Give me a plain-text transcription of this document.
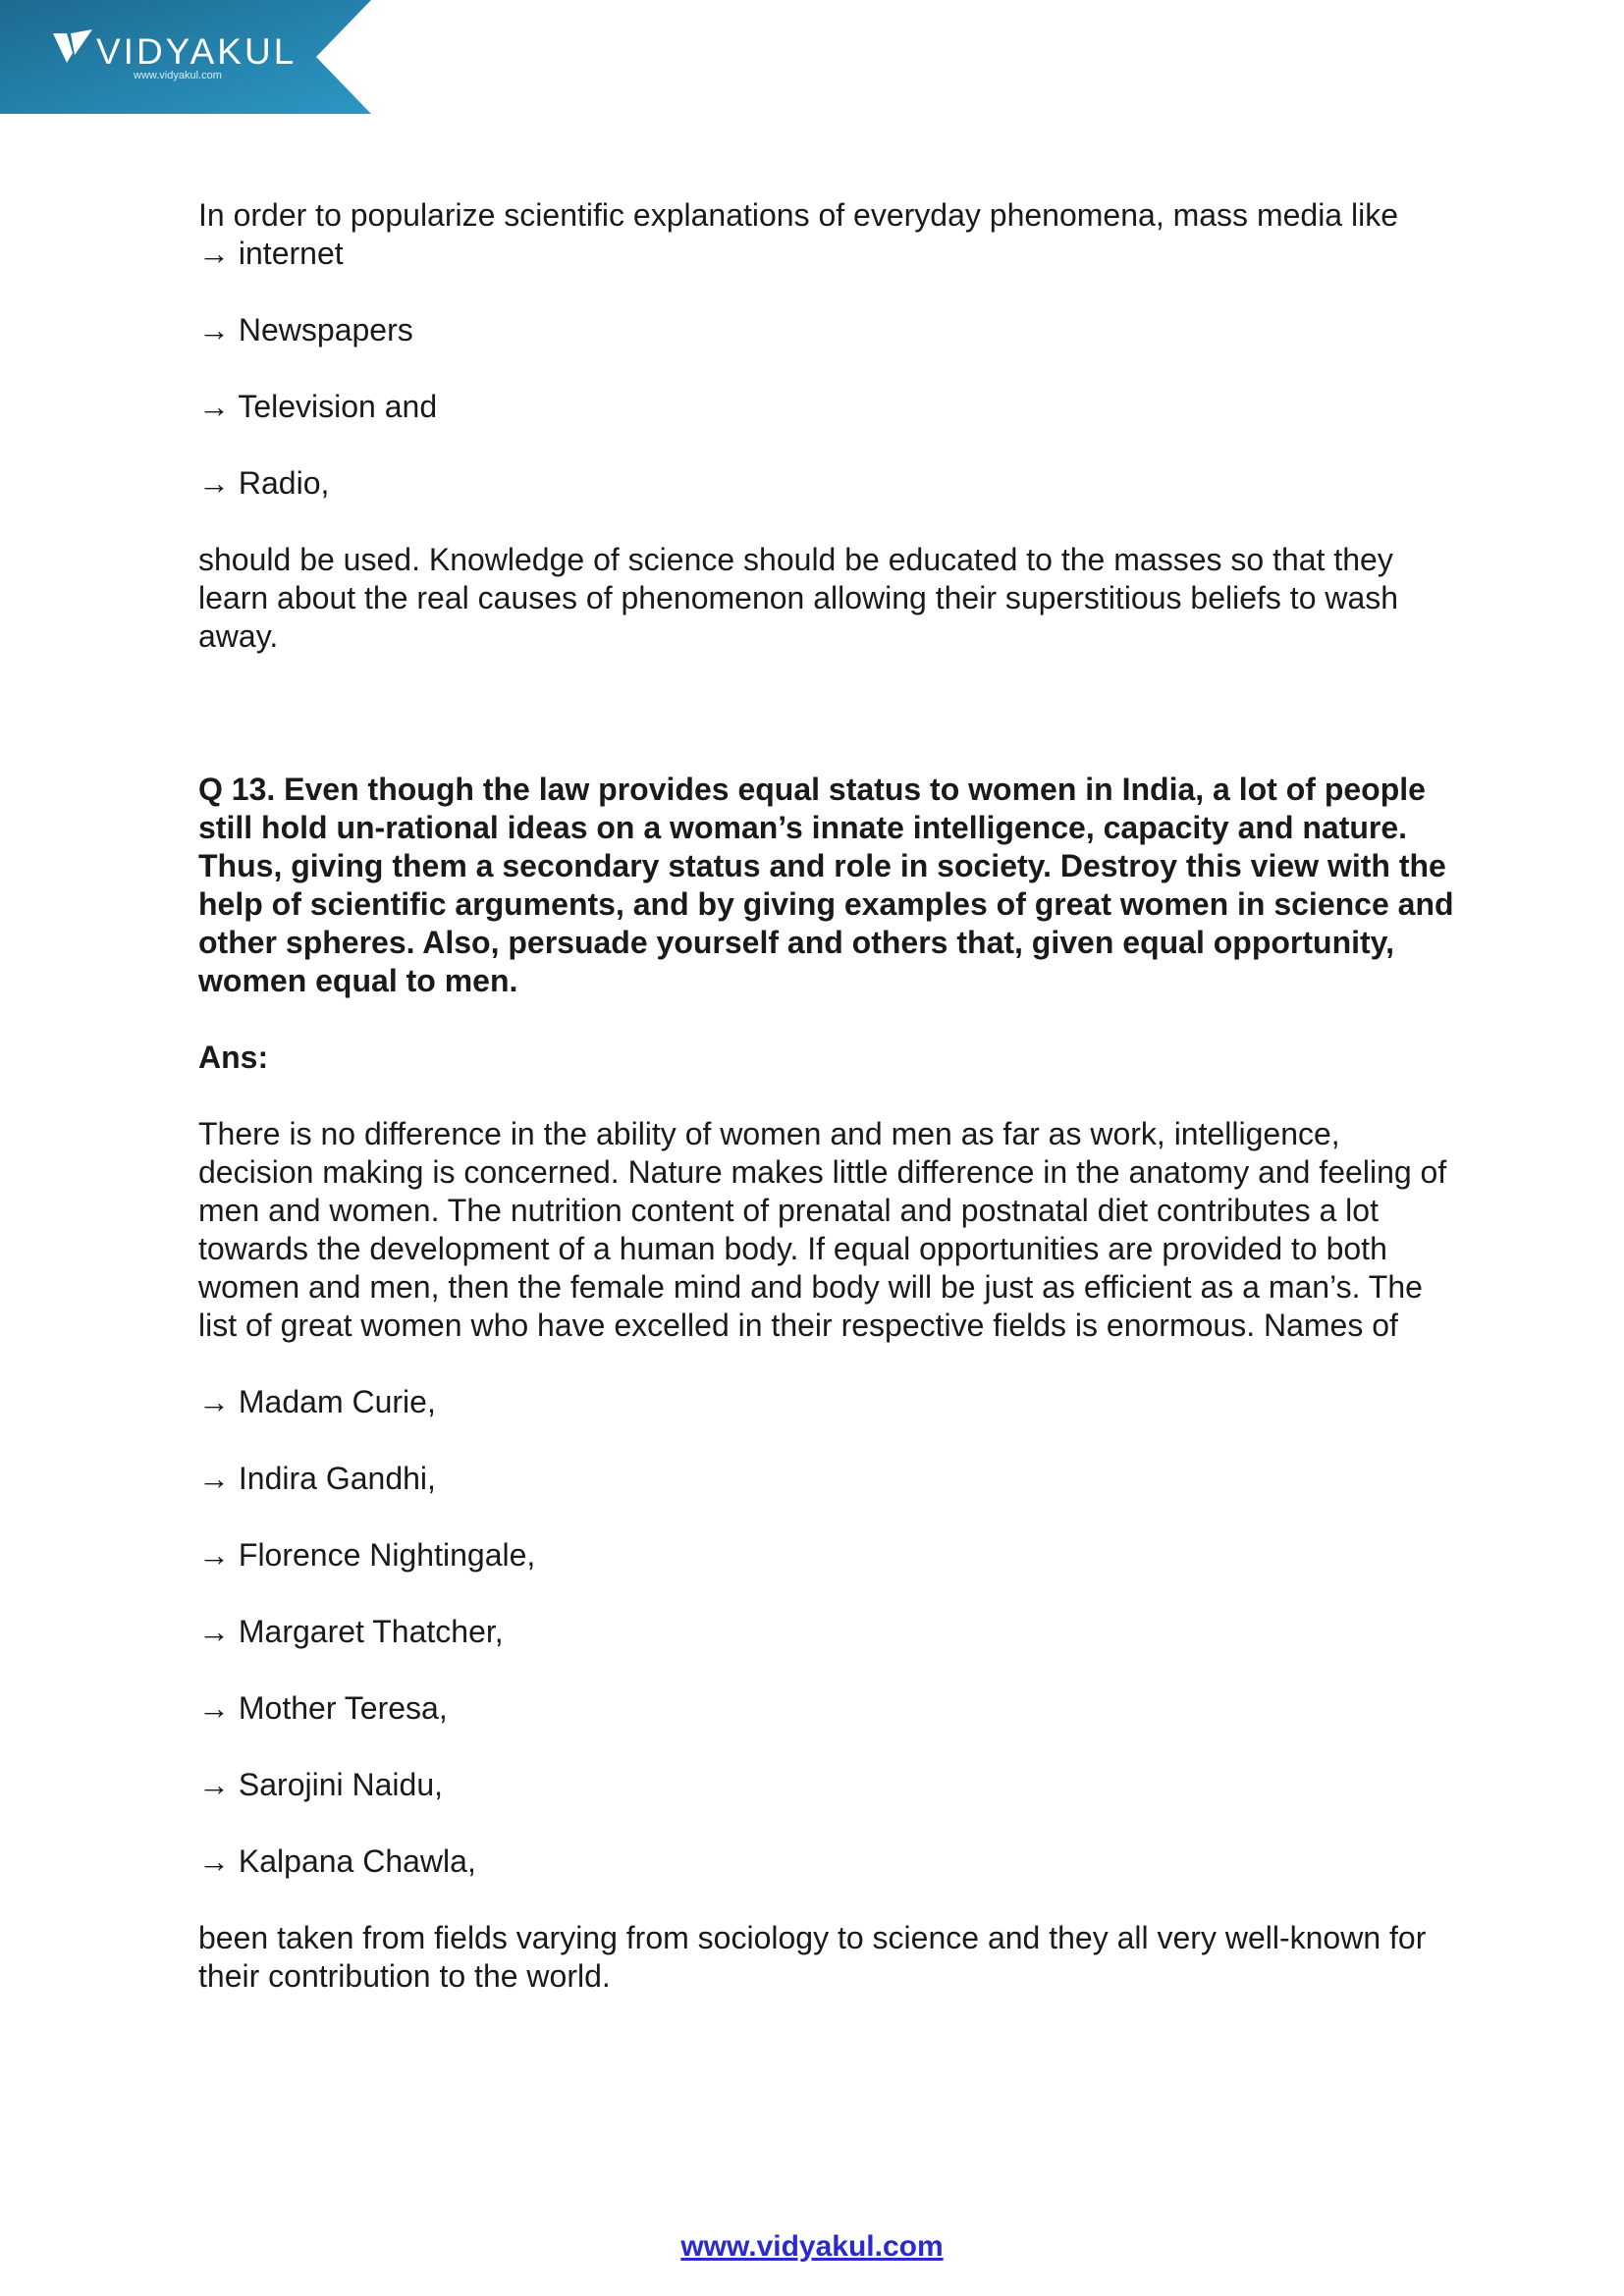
VIDYAKUL
www.vidyakul.com

In order to popularize scientific explanations of everyday phenomena, mass media like

→ internet

→ Newspapers

→ Television and

→ Radio,

should be used. Knowledge of science should be educated to the masses so that they learn about the real causes of phenomenon allowing their superstitious beliefs to wash away.

Q 13. Even though the law provides equal status to women in India, a lot of people still hold un-rational ideas on a woman’s innate intelligence, capacity and nature. Thus, giving them a secondary status and role in society. Destroy this view with the help of scientific arguments, and by giving examples of great women in science and other spheres. Also, persuade yourself and others that, given equal opportunity, women equal to men.

Ans:

There is no difference in the ability of women and men as far as work, intelligence, decision making is concerned. Nature makes little difference in the anatomy and feeling of men and women. The nutrition content of prenatal and postnatal diet contributes a lot towards the development of a human body. If equal opportunities are provided to both women and men, then the female mind and body will be just as efficient as a man’s. The list of great women who have excelled in their respective fields is enormous. Names of

→ Madam Curie,

→ Indira Gandhi,

→ Florence Nightingale,

→ Margaret Thatcher,

→ Mother Teresa,

→ Sarojini Naidu,

→ Kalpana Chawla,

been taken from fields varying from sociology to science and they all very well-known for their contribution to the world.

www.vidyakul.com
